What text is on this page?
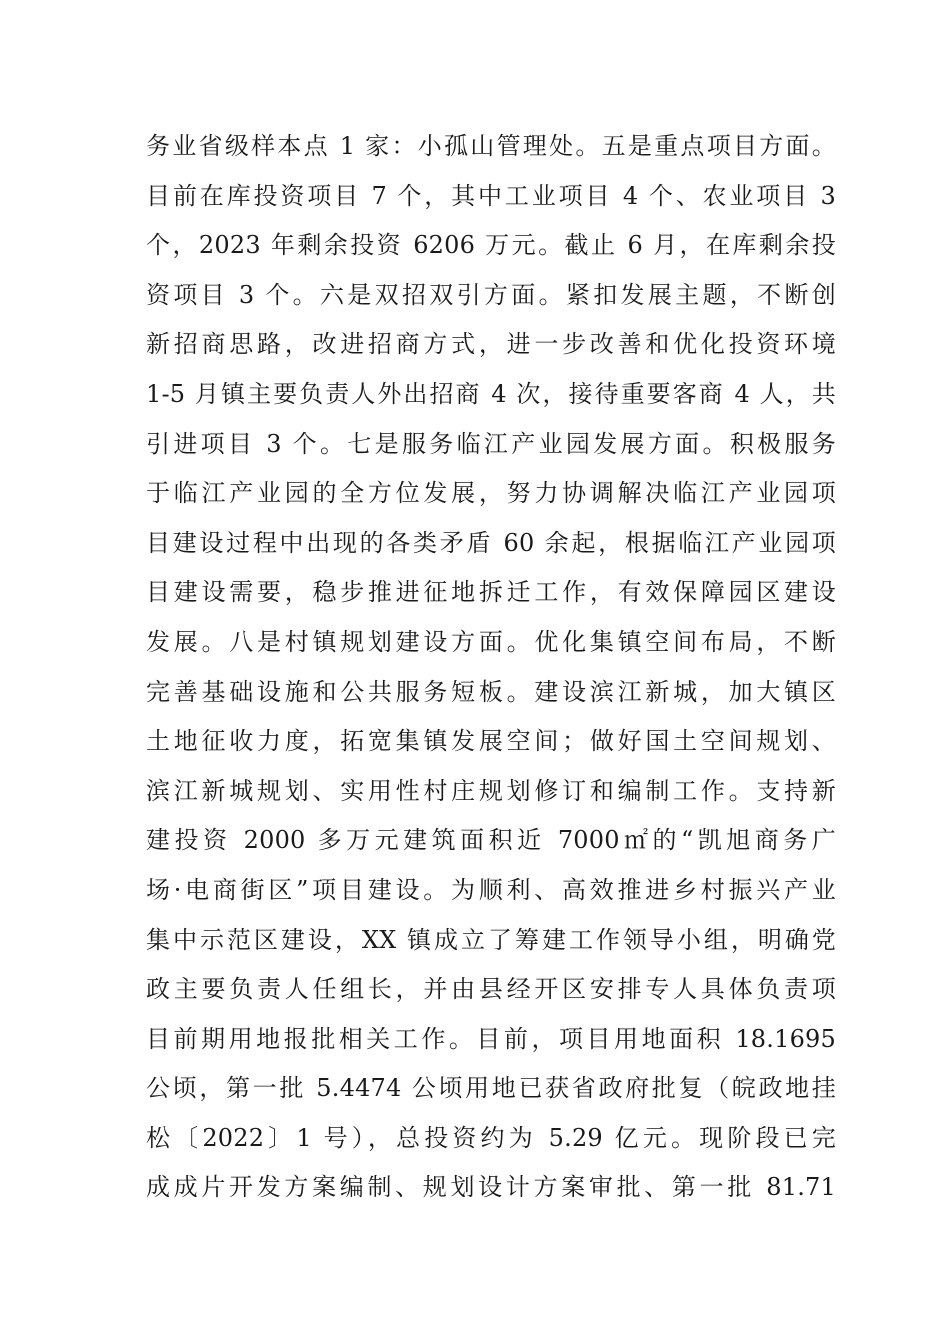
务业省级样本点 1 家：小孤山管理处。五是重点项目方面。
目前在库投资项目 7 个，其中工业项目 4 个、农业项目 3
个，2023 年剩余投资 6206 万元。截止 6 月，在库剩余投
资项目 3 个。六是双招双引方面。紧扣发展主题，不断创
新招商思路，改进招商方式，进一步改善和优化投资环境
1-5 月镇主要负责人外出招商 4 次，接待重要客商 4 人，共
引进项目 3 个。七是服务临江产业园发展方面。积极服务
于临江产业园的全方位发展，努力协调解决临江产业园项
目建设过程中出现的各类矛盾 60 余起，根据临江产业园项
目建设需要，稳步推进征地拆迁工作，有效保障园区建设
发展。八是村镇规划建设方面。优化集镇空间布局，不断
完善基础设施和公共服务短板。建设滨江新城，加大镇区
土地征收力度，拓宽集镇发展空间；做好国土空间规划、
滨江新城规划、实用性村庄规划修订和编制工作。支持新
建投资 2000 多万元建筑面积近 7000㎡的“凯旭商务广
场·电商街区”项目建设。为顺利、高效推进乡村振兴产业
集中示范区建设，XX 镇成立了筹建工作领导小组，明确党
政主要负责人任组长，并由县经开区安排专人具体负责项
目前期用地报批相关工作。目前，项目用地面积 18.1695
公顷，第一批 5.4474 公顷用地已获省政府批复（皖政地挂
松〔2022〕1 号），总投资约为 5.29 亿元。现阶段已完
成成片开发方案编制、规划设计方案审批、第一批 81.71
